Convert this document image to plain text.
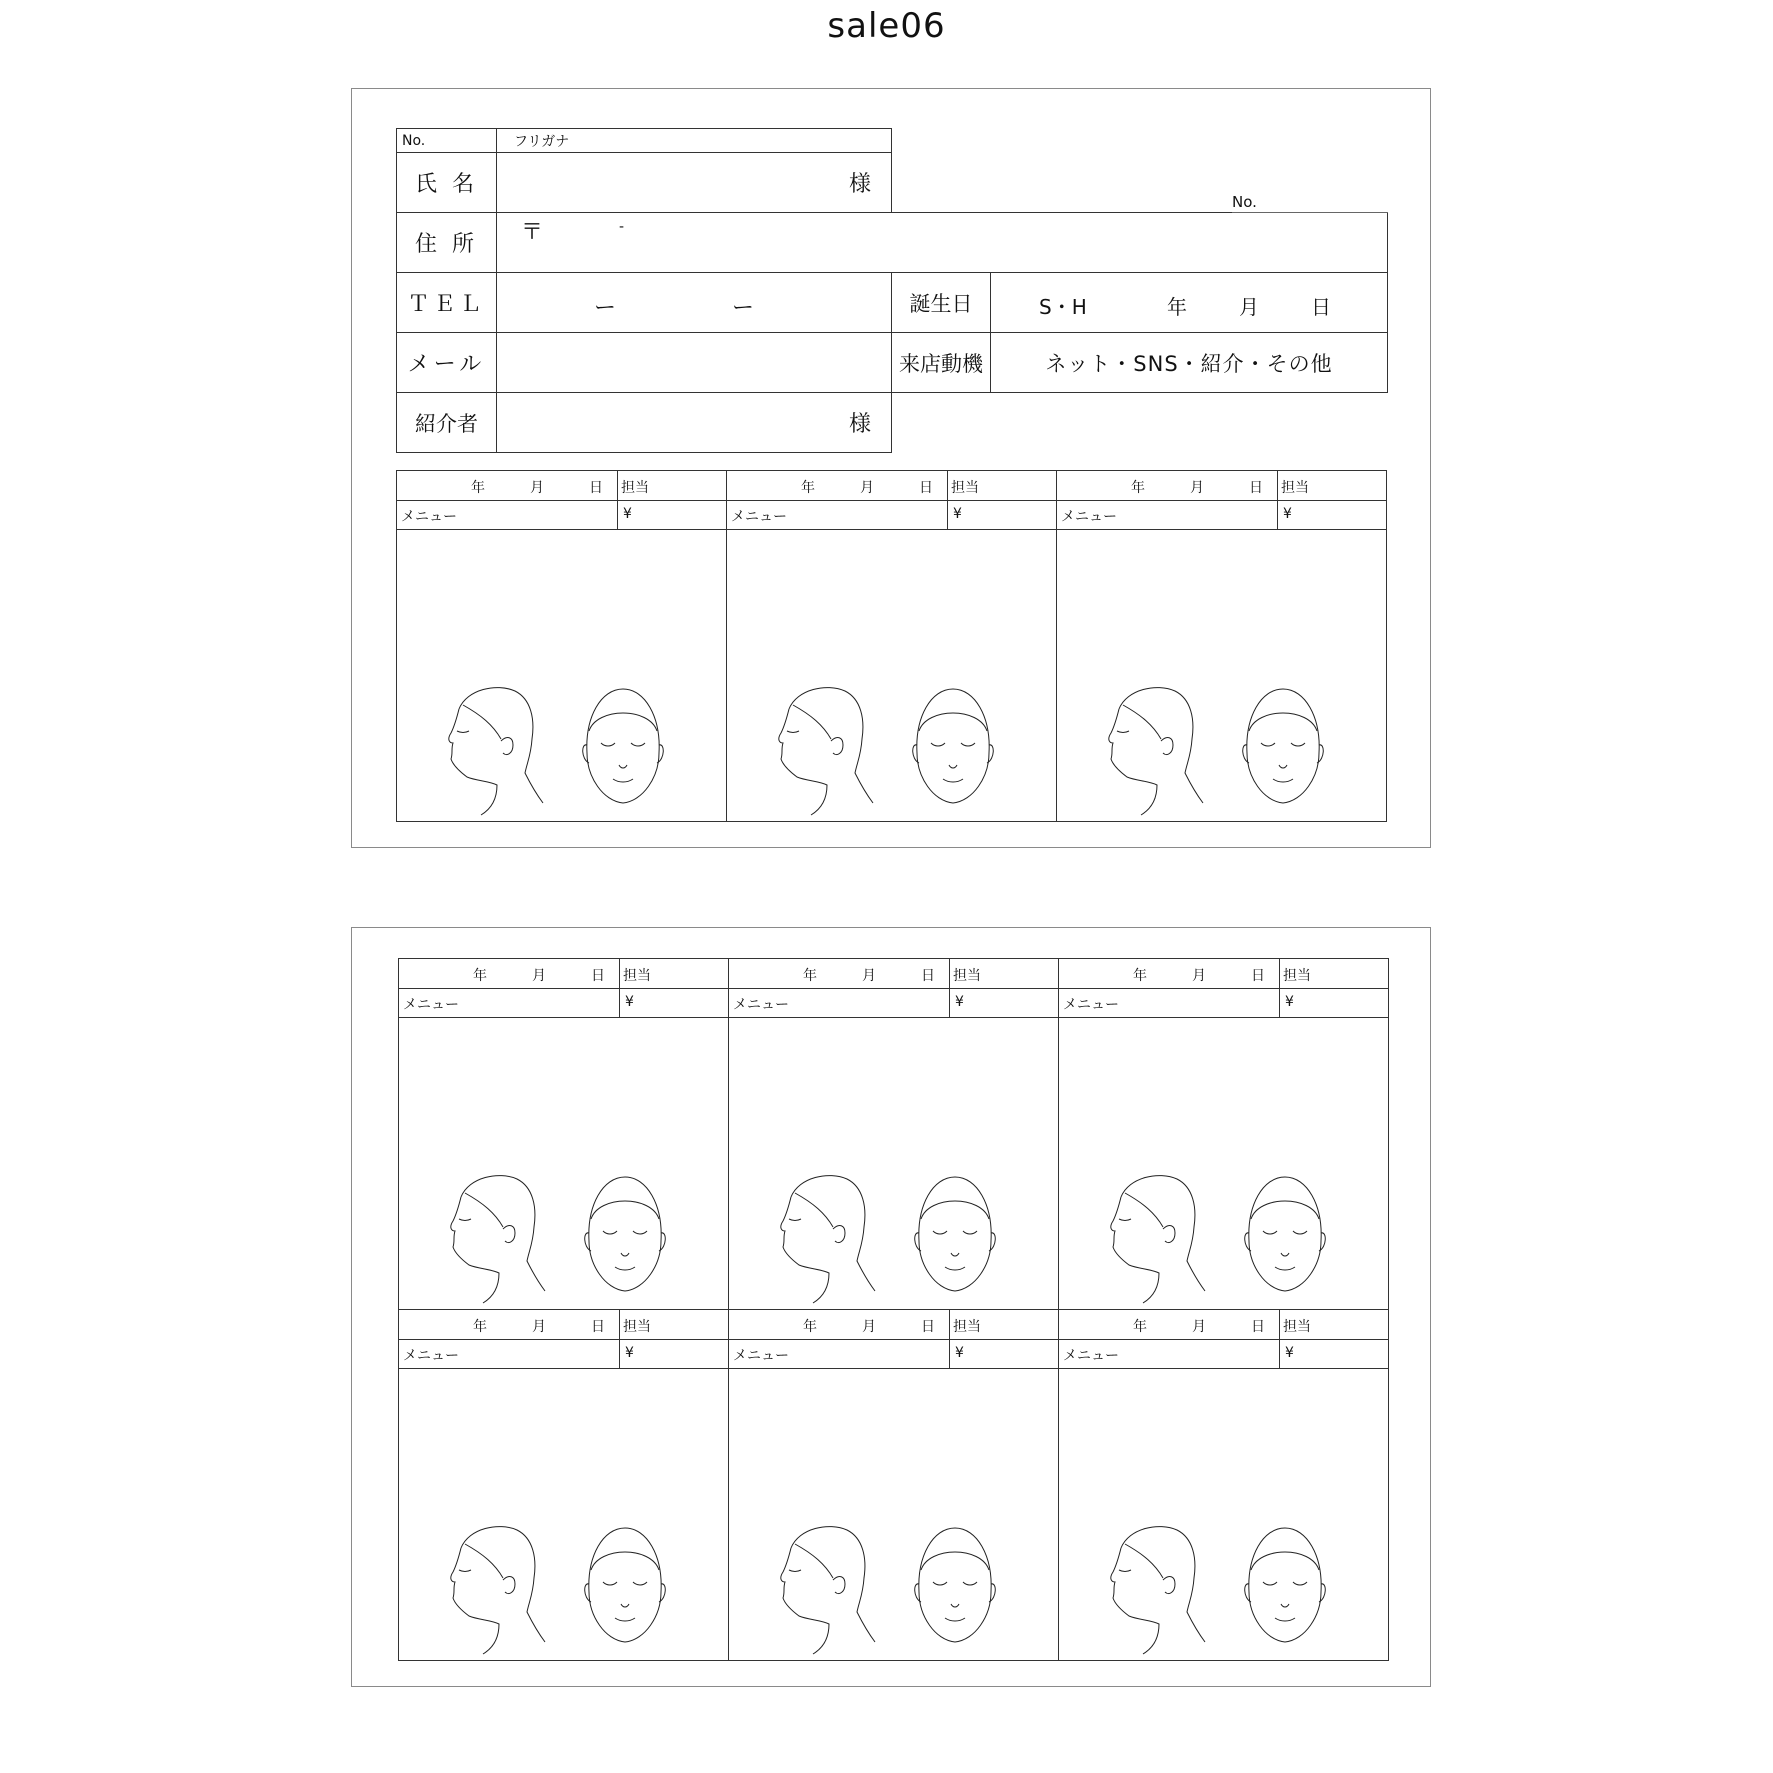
sale06
No.	フリガナ		
氏 名	様	No.	

住 所	〒 -		

ＴＥＬ	ー ー	誕生日	S・H 年 月 日

メール		来店動機	ネット・SNS・紹介・その他
紹介者	様		
年	月	日 担当
メニュー	¥
年	月	日 担当
メニュー	¥
年	月	日 担当
メニュー	¥
年	月	日 担当
メニュー	¥
年	月	日 担当
メニュー	¥
年	月	日 担当
メニュー	¥
年	月	日 担当
メニュー	¥
年	月	日 担当
メニュー	¥
年	月	日 担当
メニュー	¥
